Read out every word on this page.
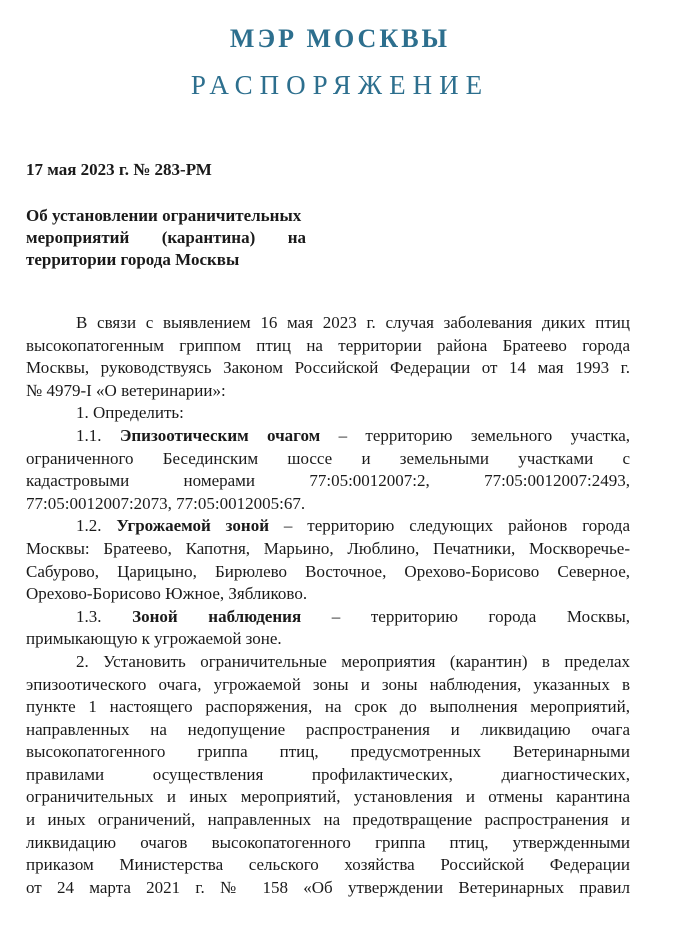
МЭР МОСКВЫ
РАСПОРЯЖЕНИЕ
17 мая 2023 г. № 283-РМ
Об установлении ограничительных
мероприятий (карантина) на
территории города Москвы
В связи с выявлением 16 мая 2023 г. случая заболевания диких птиц
высокопатогенным гриппом птиц на территории района Братеево города
Москвы, руководствуясь Законом Российской Федерации от 14 мая 1993 г.
№ 4979-I «О ветеринарии»:
1. Определить:
1.1. Эпизоотическим очагом – территорию земельного участка,
ограниченного Бесединским шоссе и земельными участками с
кадастровыми номерами 77:05:0012007:2, 77:05:0012007:2493,
77:05:0012007:2073, 77:05:0012005:67.
1.2. Угрожаемой зоной – территорию следующих районов города
Москвы: Братеево, Капотня, Марьино, Люблино, Печатники, Москворечье-
Сабурово, Царицыно, Бирюлево Восточное, Орехово-Борисово Северное,
Орехово-Борисово Южное, Зябликово.
1.3. Зоной наблюдения – территорию города Москвы,
примыкающую к угрожаемой зоне.
2. Установить ограничительные мероприятия (карантин) в пределах
эпизоотического очага, угрожаемой зоны и зоны наблюдения, указанных в
пункте 1 настоящего распоряжения, на срок до выполнения мероприятий,
направленных на недопущение распространения и ликвидацию очага
высокопатогенного гриппа птиц, предусмотренных Ветеринарными
правилами осуществления профилактических, диагностических,
ограничительных и иных мероприятий, установления и отмены карантина
и иных ограничений, направленных на предотвращение распространения и
ликвидацию очагов высокопатогенного гриппа птиц, утвержденными
приказом Министерства сельского хозяйства Российской Федерации
от 24 марта 2021 г. № 158 «Об утверждении Ветеринарных правил
